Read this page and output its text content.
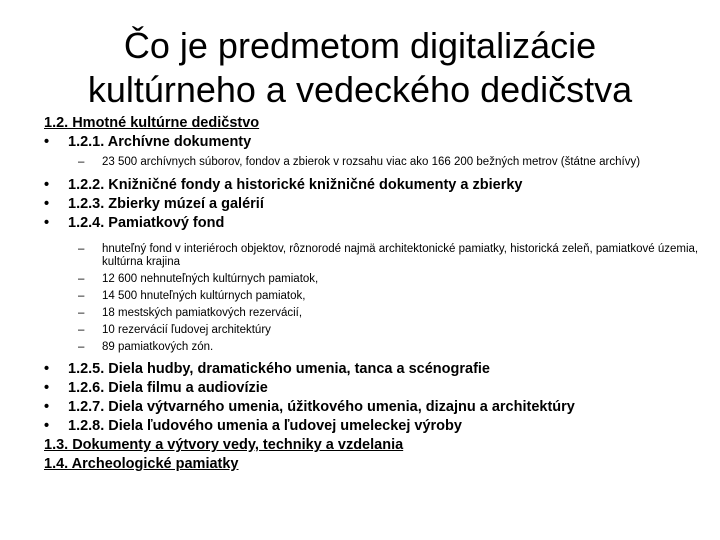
Čo je predmetom digitalizácie
kultúrneho a vedeckého dedičstva
1.2. Hmotné kultúrne dedičstvo
• 1.2.1. Archívne dokumenty
– 23 500 archívnych súborov, fondov a zbierok v rozsahu viac ako 166 200 bežných metrov (štátne archívy)
• 1.2.2. Knižničné fondy a historické knižničné dokumenty a zbierky
• 1.2.3. Zbierky múzeí a galérií
• 1.2.4. Pamiatkový fond
– hnuteľný fond v interiéroch objektov, rôznorodé najmä architektonické pamiatky, historická zeleň, pamiatkové územia, kultúrna krajina
– 12 600 nehnuteľných kultúrnych pamiatok,
– 14 500 hnuteľných kultúrnych pamiatok,
– 18 mestských pamiatkových rezervácií,
– 10 rezervácií ľudovej architektúry
– 89 pamiatkových zón.
• 1.2.5. Diela hudby, dramatického umenia, tanca a scénografie
• 1.2.6. Diela filmu a audiovízie
• 1.2.7. Diela výtvarného umenia, úžitkového umenia, dizajnu a architektúry
• 1.2.8. Diela ľudového umenia a ľudovej umeleckej výroby
1.3. Dokumenty a výtvory vedy, techniky a vzdelania
1.4. Archeologické pamiatky
